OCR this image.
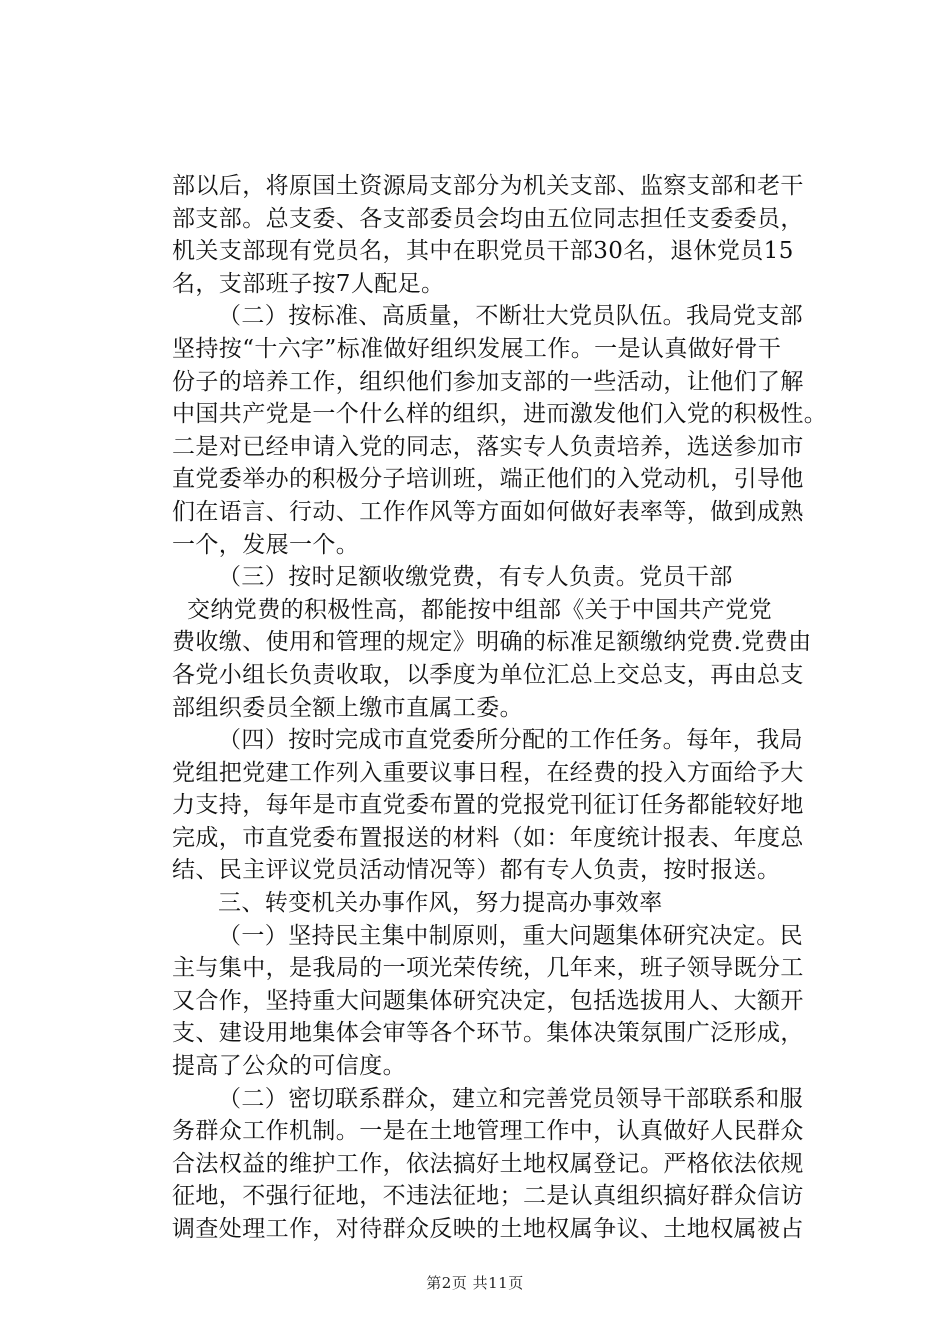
部以后，将原国土资源局支部分为机关支部、监察支部和老干
部支部。总支委、各支部委员会均由五位同志担任支委委员，
机关支部现有党员名，其中在职党员干部30名，退休党员15
名，支部班子按7人配足。
（二）按标准、高质量，不断壮大党员队伍。我局党支部
坚持按“十六字”标准做好组织发展工作。一是认真做好骨干
份子的培养工作，组织他们参加支部的一些活动，让他们了解
中国共产党是一个什么样的组织，进而激发他们入党的积极性。
二是对已经申请入党的同志，落实专人负责培养，选送参加市
直党委举办的积极分子培训班，端正他们的入党动机，引导他
们在语言、行动、工作作风等方面如何做好表率等，做到成熟
一个，发展一个。
（三）按时足额收缴党费，有专人负责。党员干部
交纳党费的积极性高，都能按中组部《关于中国共产党党
费收缴、使用和管理的规定》明确的标准足额缴纳党费.党费由
各党小组长负责收取，以季度为单位汇总上交总支，再由总支
部组织委员全额上缴市直属工委。
（四）按时完成市直党委所分配的工作任务。每年，我局
党组把党建工作列入重要议事日程，在经费的投入方面给予大
力支持，每年是市直党委布置的党报党刊征订任务都能较好地
完成，市直党委布置报送的材料（如：年度统计报表、年度总
结、民主评议党员活动情况等）都有专人负责，按时报送。
三、转变机关办事作风，努力提高办事效率
（一）坚持民主集中制原则，重大问题集体研究决定。民
主与集中，是我局的一项光荣传统，几年来，班子领导既分工
又合作，坚持重大问题集体研究决定，包括选拔用人、大额开
支、建设用地集体会审等各个环节。集体决策氛围广泛形成，
提高了公众的可信度。
（二）密切联系群众，建立和完善党员领导干部联系和服
务群众工作机制。一是在土地管理工作中，认真做好人民群众
合法权益的维护工作，依法搞好土地权属登记。严格依法依规
征地，不强行征地，不违法征地；二是认真组织搞好群众信访
调查处理工作，对待群众反映的土地权属争议、土地权属被占
第2页 共11页
